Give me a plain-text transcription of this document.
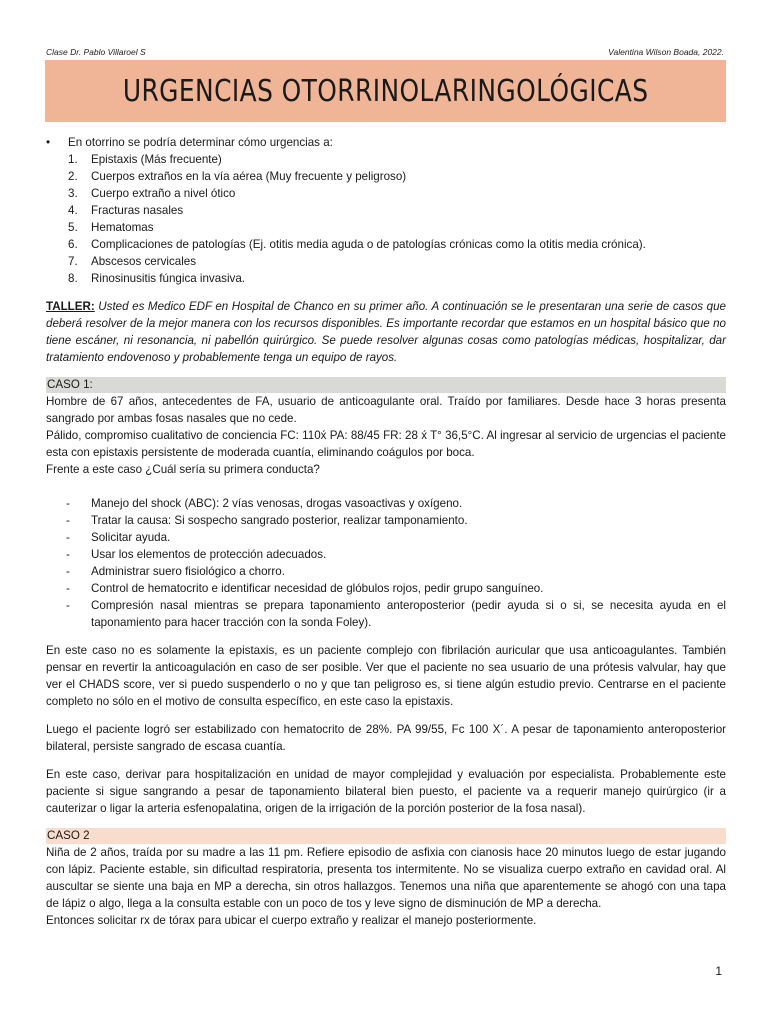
Clase Dr. Pablo Villaroel S	Valentina Wilson Boada, 2022.
URGENCIAS OTORRINOLARINGOLÓGICAS

• En otorrino se podría determinar cómo urgencias a:

1. Epistaxis (Más frecuente)
2. Cuerpos extraños en la vía aérea (Muy frecuente y peligroso)
3. Cuerpo extraño a nivel ótico
4. Fracturas nasales
5. Hematomas
6. Complicaciones de patologías (Ej. otitis media aguda o de patologías crónicas como la otitis media crónica).
7. Abscesos cervicales
8. Rinosinusitis fúngica invasiva.

TALLER: Usted es Medico EDF en Hospital de Chanco en su primer año. A continuación se le presentaran una serie de casos que deberá resolver de la mejor manera con los recursos disponibles. Es importante recordar que estamos en un hospital básico que no tiene escáner, ni resonancia, ni pabellón quirúrgico. Se puede resolver algunas cosas como patologías médicas, hospitalizar, dar tratamiento endovenoso y probablemente tenga un equipo de rayos.

CASO 1:

Hombre de 67 años, antecedentes de FA, usuario de anticoagulante oral. Traído por familiares. Desde hace 3 horas presenta sangrado por ambas fosas nasales que no cede.

Pálido, compromiso cualitativo de conciencia FC: 110x́ PA: 88/45 FR: 28 x́ T° 36,5°C. Al ingresar al servicio de urgencias el paciente esta con epistaxis persistente de moderada cuantía, eliminando coágulos por boca.

Frente a este caso ¿Cuál sería su primera conducta?

- Manejo del shock (ABC): 2 vías venosas, drogas vasoactivas y oxígeno.
- Tratar la causa: Si sospecho sangrado posterior, realizar tamponamiento.
- Solicitar ayuda.
- Usar los elementos de protección adecuados.
- Administrar suero fisiológico a chorro.
- Control de hematocrito e identificar necesidad de glóbulos rojos, pedir grupo sanguíneo.
- Compresión nasal mientras se prepara taponamiento anteroposterior (pedir ayuda si o si, se necesita ayuda en el taponamiento para hacer tracción con la sonda Foley).

En este caso no es solamente la epistaxis, es un paciente complejo con fibrilación auricular que usa anticoagulantes. También pensar en revertir la anticoagulación en caso de ser posible. Ver que el paciente no sea usuario de una prótesis valvular, hay que ver el CHADS score, ver si puedo suspenderlo o no y que tan peligroso es, si tiene algún estudio previo. Centrarse en el paciente completo no sólo en el motivo de consulta específico, en este caso la epistaxis.

Luego el paciente logró ser estabilizado con hematocrito de 28%. PA 99/55, Fc 100 X´. A pesar de taponamiento anteroposterior bilateral, persiste sangrado de escasa cuantía.

En este caso, derivar para hospitalización en unidad de mayor complejidad y evaluación por especialista. Probablemente este paciente si sigue sangrando a pesar de taponamiento bilateral bien puesto, el paciente va a requerir manejo quirúrgico (ir a cauterizar o ligar la arteria esfenopalatina, origen de la irrigación de la porción posterior de la fosa nasal).

CASO 2

Niña de 2 años, traída por su madre a las 11 pm. Refiere episodio de asfixia con cianosis hace 20 minutos luego de estar jugando con lápiz. Paciente estable, sin dificultad respiratoria, presenta tos intermitente. No se visualiza cuerpo extraño en cavidad oral. Al auscultar se siente una baja en MP a derecha, sin otros hallazgos. Tenemos una niña que aparentemente se ahogó con una tapa de lápiz o algo, llega a la consulta estable con un poco de tos y leve signo de disminución de MP a derecha.

Entonces solicitar rx de tórax para ubicar el cuerpo extraño y realizar el manejo posteriormente.

1
